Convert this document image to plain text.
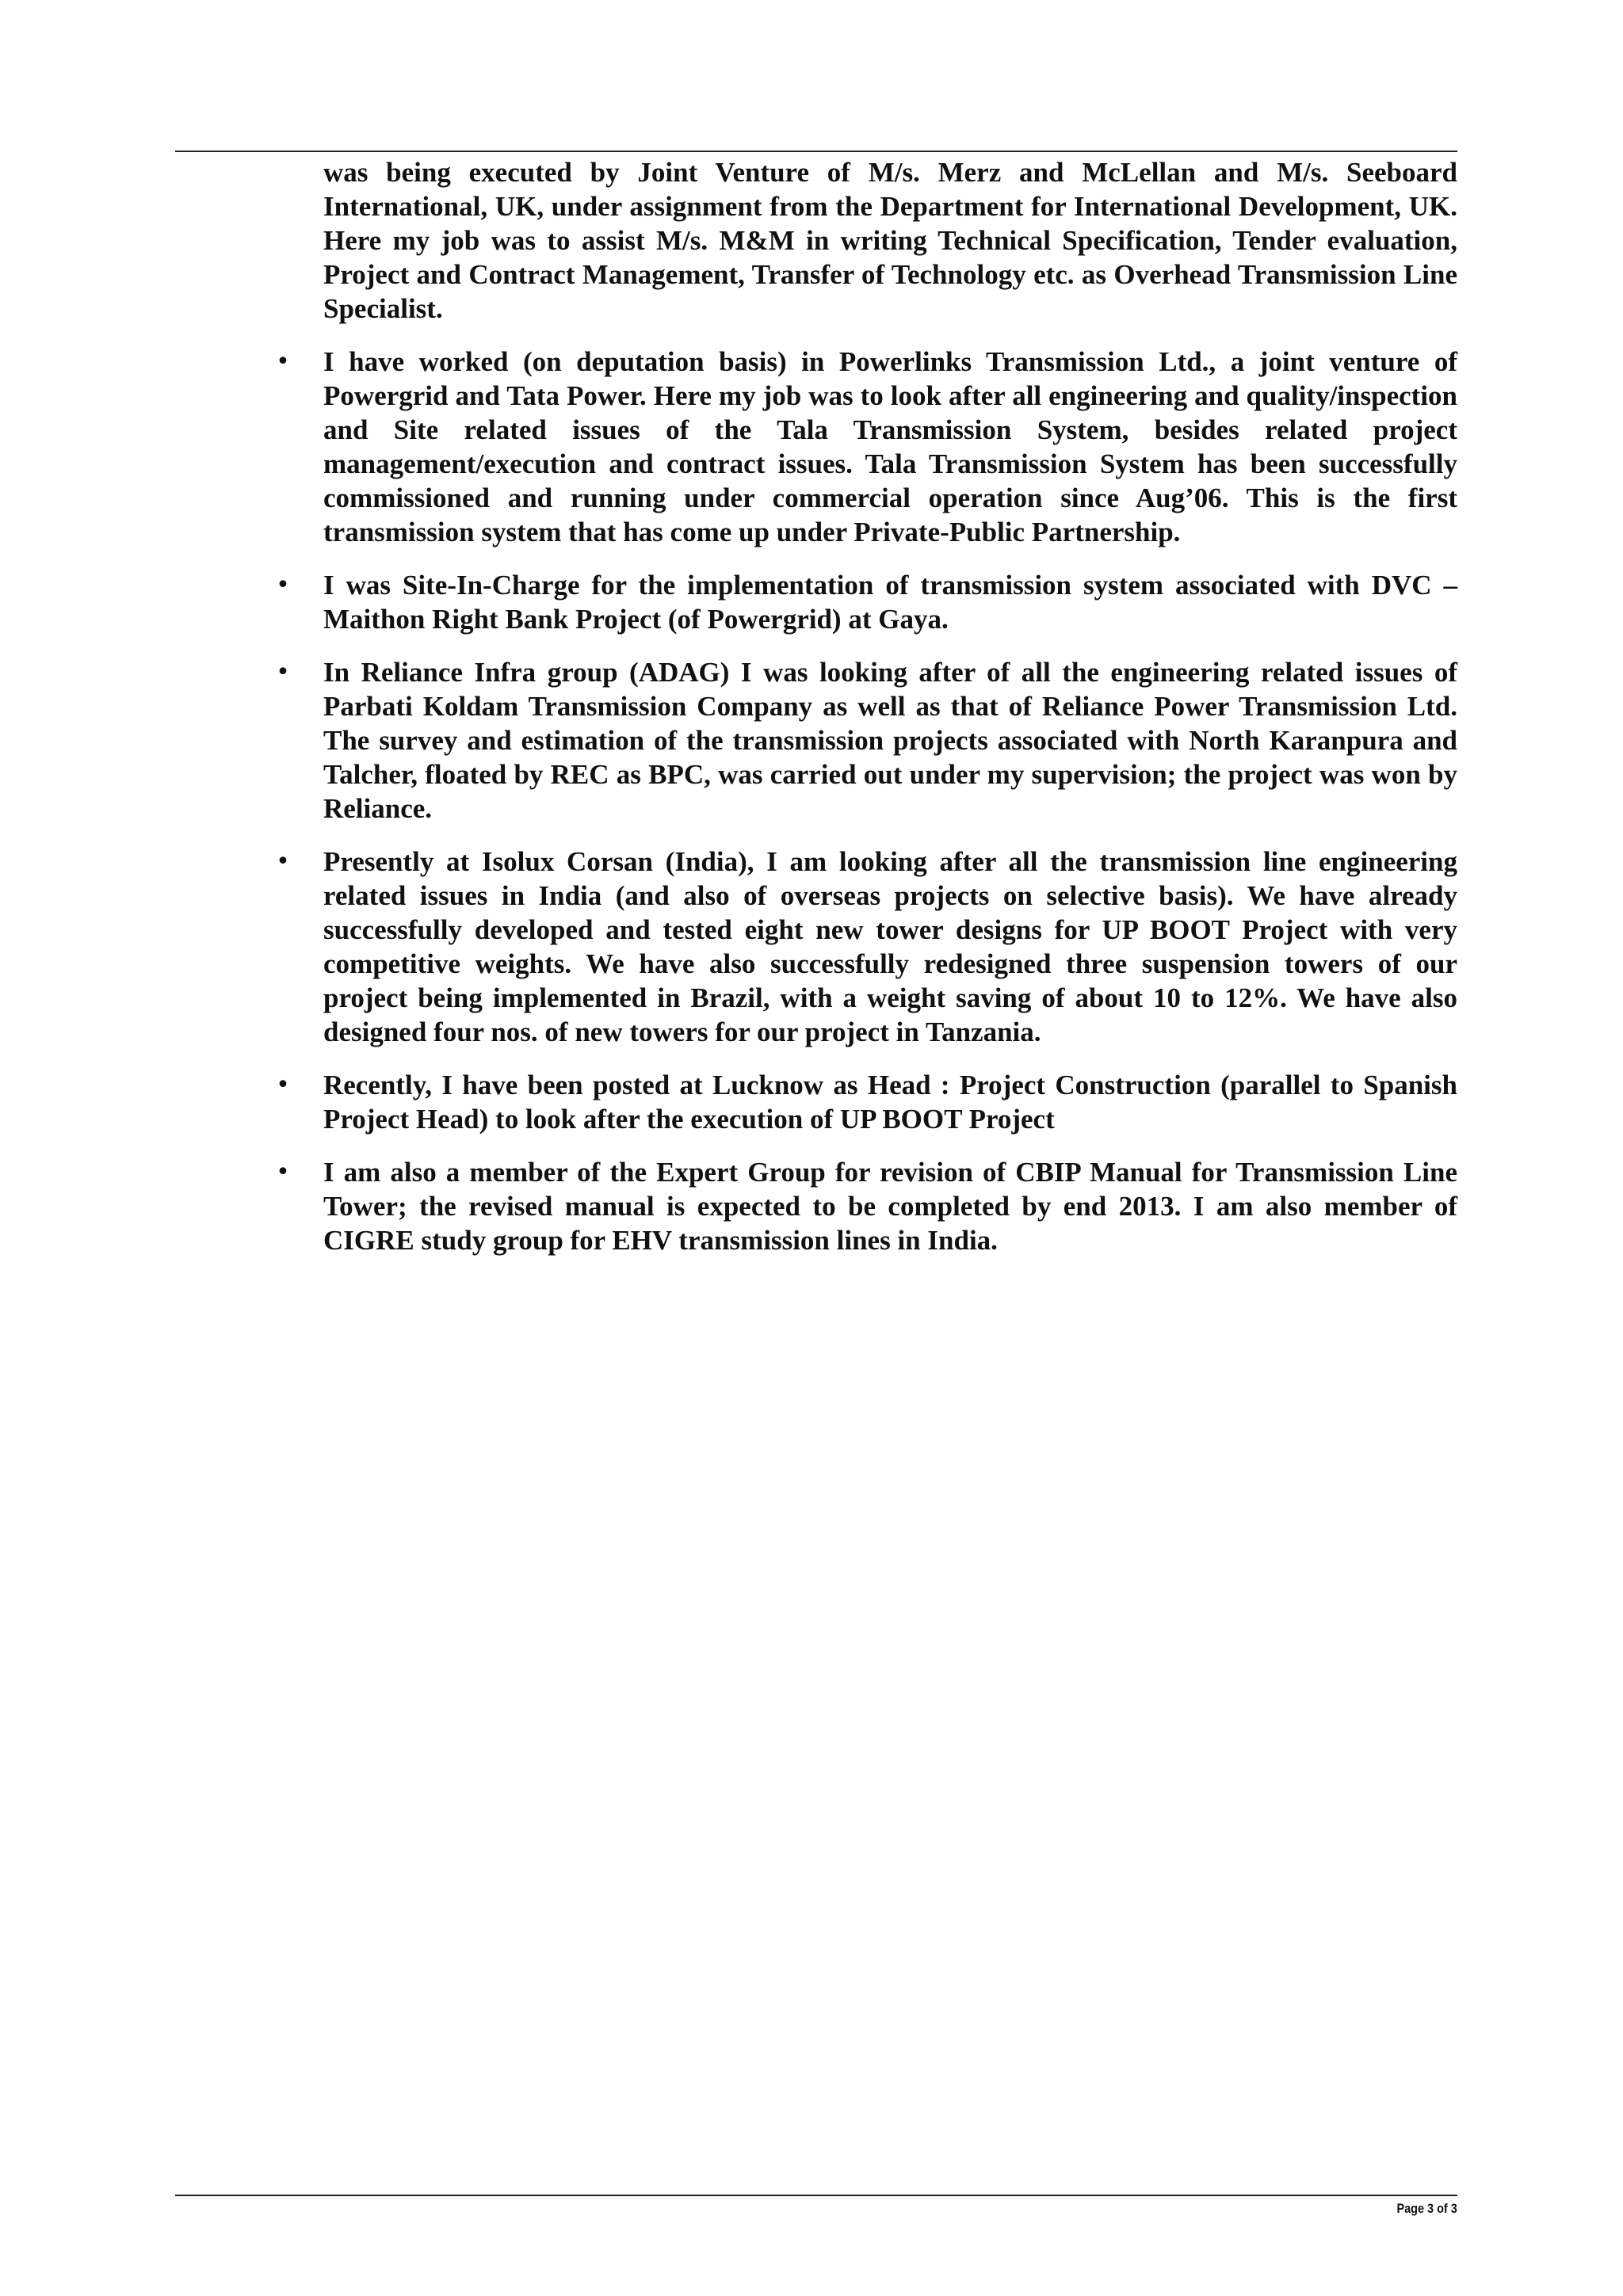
was being executed by Joint Venture of M/s. Merz and McLellan and M/s. Seeboard International, UK, under assignment from the Department for International Development, UK. Here my job was to assist M/s. M&M in writing Technical Specification, Tender evaluation, Project and Contract Management, Transfer of Technology etc. as Overhead Transmission Line Specialist.

• I have worked (on deputation basis) in Powerlinks Transmission Ltd., a joint venture of Powergrid and Tata Power. Here my job was to look after all engineering and quality/inspection and Site related issues of the Tala Transmission System, besides related project management/execution and contract issues. Tala Transmission System has been successfully commissioned and running under commercial operation since Aug’06. This is the first transmission system that has come up under Private-Public Partnership.
• I was Site-In-Charge for the implementation of transmission system associated with DVC – Maithon Right Bank Project (of Powergrid) at Gaya.
• In Reliance Infra group (ADAG) I was looking after of all the engineering related issues of Parbati Koldam Transmission Company as well as that of Reliance Power Transmission Ltd. The survey and estimation of the transmission projects associated with North Karanpura and Talcher, floated by REC as BPC, was carried out under my supervision; the project was won by Reliance.
• Presently at Isolux Corsan (India), I am looking after all the transmission line engineering related issues in India (and also of overseas projects on selective basis). We have already successfully developed and tested eight new tower designs for UP BOOT Project with very competitive weights. We have also successfully redesigned three suspension towers of our project being implemented in Brazil, with a weight saving of about 10 to 12%. We have also designed four nos. of new towers for our project in Tanzania.
• Recently, I have been posted at Lucknow as Head : Project Construction (parallel to Spanish Project Head) to look after the execution of UP BOOT Project
• I am also a member of the Expert Group for revision of CBIP Manual for Transmission Line Tower; the revised manual is expected to be completed by end 2013. I am also member of CIGRE study group for EHV transmission lines in India.
Page 3 of 3
